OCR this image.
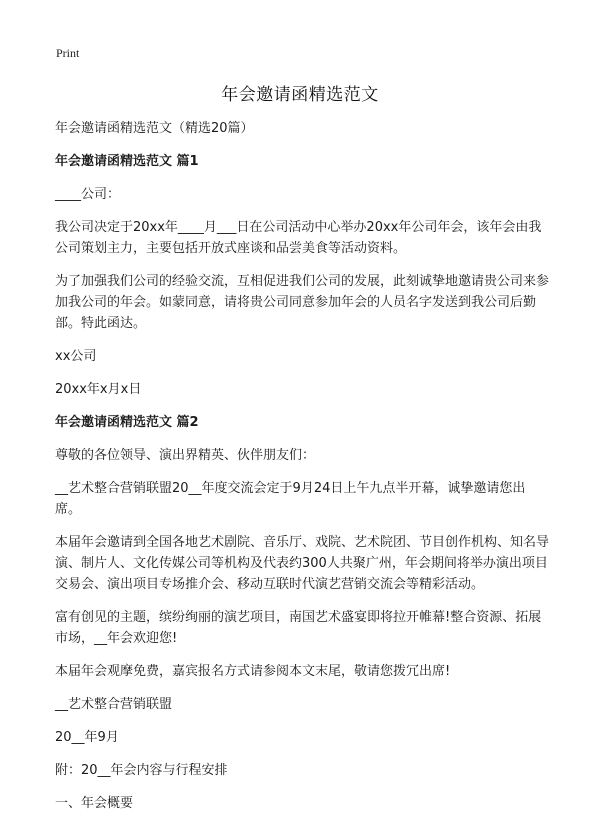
Print
年会邀请函精选范文
年会邀请函精选范文（精选20篇）
年会邀请函精选范文 篇1
____公司：
我公司决定于20xx年____月___日在公司活动中心举办20xx年公司年会，该年会由我公司策划主力，主要包括开放式座谈和品尝美食等活动资料。
为了加强我们公司的经验交流，互相促进我们公司的发展，此刻诚挚地邀请贵公司来参加我公司的年会。如蒙同意，请将贵公司同意参加年会的人员名字发送到我公司后勤部。特此函达。
xx公司
20xx年x月x日
年会邀请函精选范文 篇2
尊敬的各位领导、演出界精英、伙伴朋友们：
__艺术整合营销联盟20__年度交流会定于9月24日上午九点半开幕，诚挚邀请您出席。
本届年会邀请到全国各地艺术剧院、音乐厅、戏院、艺术院团、节目创作机构、知名导演、制片人、文化传媒公司等机构及代表约300人共聚广州，年会期间将举办演出项目交易会、演出项目专场推介会、移动互联时代演艺营销交流会等精彩活动。
富有创见的主题，缤纷绚丽的演艺项目，南国艺术盛宴即将拉开帷幕!整合资源、拓展市场，__年会欢迎您!
本届年会观摩免费，嘉宾报名方式请参阅本文末尾，敬请您拨冗出席!
__艺术整合营销联盟
20__年9月
附：20__年会内容与行程安排
一、年会概要
